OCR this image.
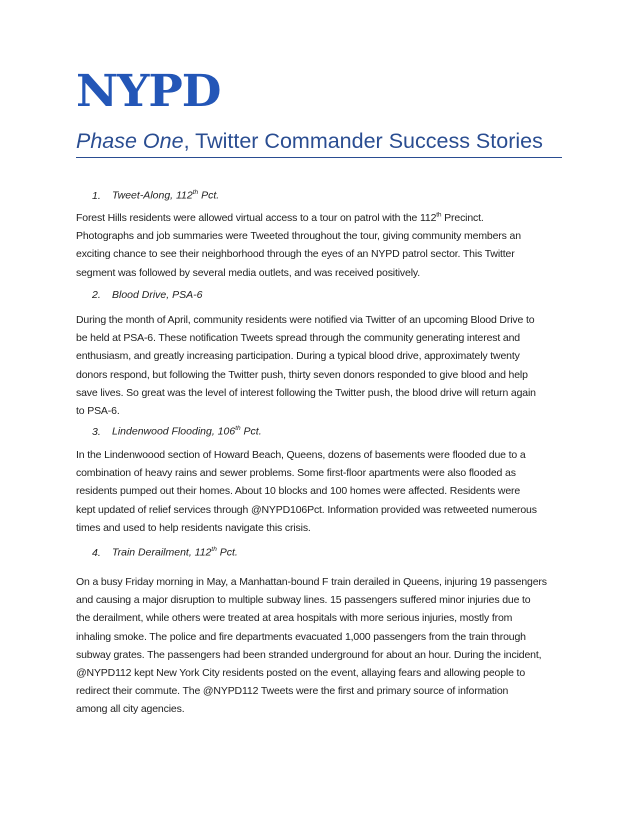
NYPD
Phase One, Twitter Commander Success Stories
1. Tweet-Along, 112th Pct.
Forest Hills residents were allowed virtual access to a tour on patrol with the 112th Precinct.
Photographs and job summaries were Tweeted throughout the tour, giving community members an
exciting chance to see their neighborhood through the eyes of an NYPD patrol sector. This Twitter
segment was followed by several media outlets, and was received positively.
2. Blood Drive, PSA-6
During the month of April, community residents were notified via Twitter of an upcoming Blood Drive to
be held at PSA-6. These notification Tweets spread through the community generating interest and
enthusiasm, and greatly increasing participation. During a typical blood drive, approximately twenty
donors respond, but following the Twitter push, thirty seven donors responded to give blood and help
save lives. So great was the level of interest following the Twitter push, the blood drive will return again
to PSA-6.
3. Lindenwood Flooding, 106th Pct.
In the Lindenwoood section of Howard Beach, Queens, dozens of basements were flooded due to a
combination of heavy rains and sewer problems. Some first-floor apartments were also flooded as
residents pumped out their homes. About 10 blocks and 100 homes were affected. Residents were
kept updated of relief services through @NYPD106Pct. Information provided was retweeted numerous
times and used to help residents navigate this crisis.
4. Train Derailment, 112th Pct.
On a busy Friday morning in May, a Manhattan-bound F train derailed in Queens, injuring 19 passengers
and causing a major disruption to multiple subway lines. 15 passengers suffered minor injuries due to
the derailment, while others were treated at area hospitals with more serious injuries, mostly from
inhaling smoke. The police and fire departments evacuated 1,000 passengers from the train through
subway grates. The passengers had been stranded underground for about an hour. During the incident,
@NYPD112 kept New York City residents posted on the event, allaying fears and allowing people to
redirect their commute. The @NYPD112 Tweets were the first and primary source of information
among all city agencies.
